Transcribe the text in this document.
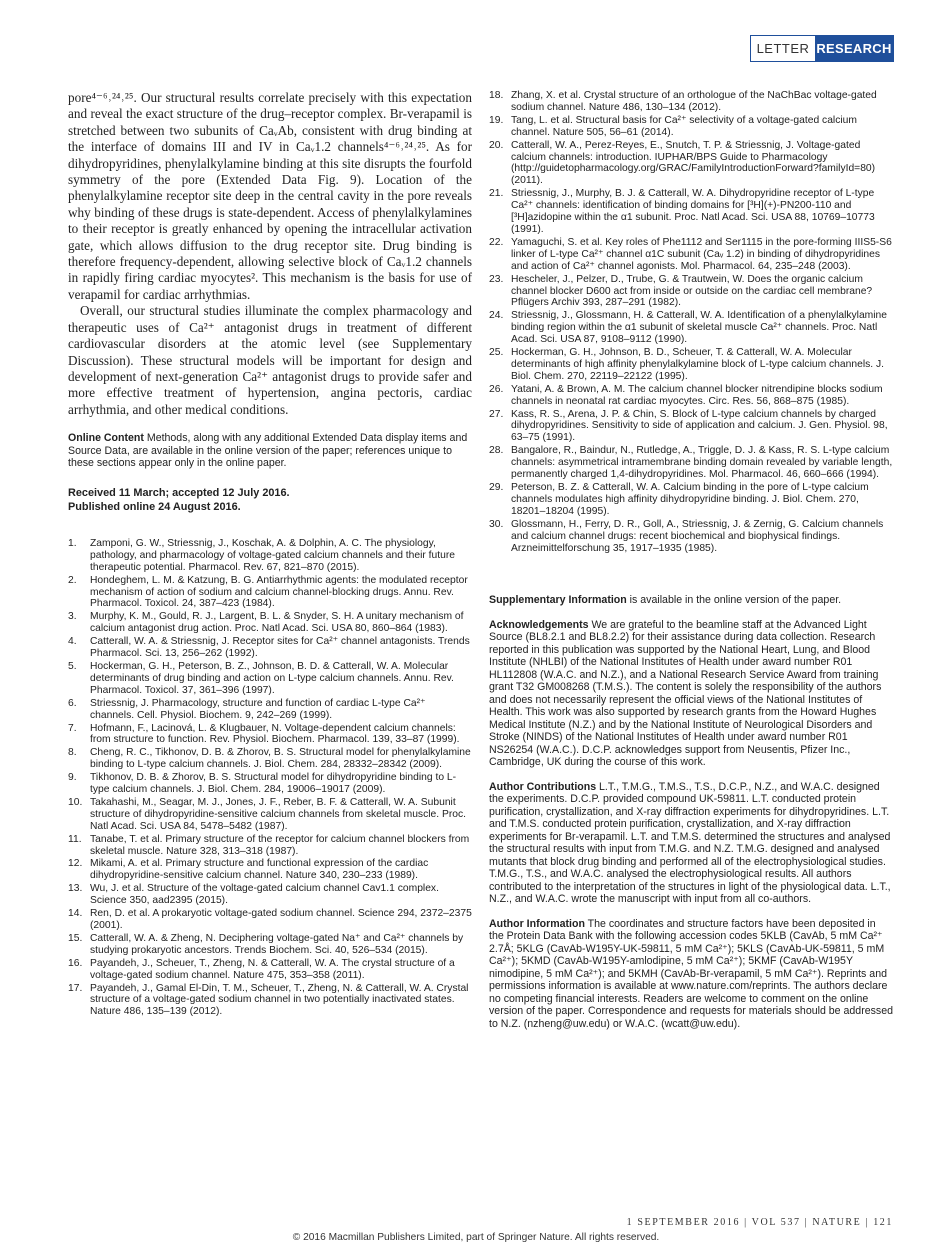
LETTER RESEARCH

pore⁴⁻⁶˒²⁴˒²⁵. Our structural results correlate precisely with this expectation and reveal the exact structure of the drug–receptor complex. Br-verapamil is stretched between two subunits of CaᵥAb, consistent with drug binding at the interface of domains III and IV in Caᵥ1.2 channels⁴⁻⁶˒²⁴˒²⁵. As for dihydropyridines, phenylalkylamine binding at this site disrupts the fourfold symmetry of the pore (Extended Data Fig. 9). Location of the phenylalkylamine receptor site deep in the central cavity in the pore reveals why binding of these drugs is state-dependent. Access of phenylalkylamines to their receptor is greatly enhanced by opening the intracellular activation gate, which allows diffusion to the drug receptor site. Drug binding is therefore frequency-dependent, allowing selective block of Caᵥ1.2 channels in rapidly firing cardiac myocytes². This mechanism is the basis for use of verapamil for cardiac arrhythmias.

Overall, our structural studies illuminate the complex pharmacology and therapeutic uses of Ca²⁺ antagonist drugs in treatment of different cardiovascular disorders at the atomic level (see Supplementary Discussion). These structural models will be important for design and development of next-generation Ca²⁺ antagonist drugs to provide safer and more effective treatment of hypertension, angina pectoris, cardiac arrhythmia, and other medical conditions.

Online Content Methods, along with any additional Extended Data display items and Source Data, are available in the online version of the paper; references unique to these sections appear only in the online paper.
Received 11 March; accepted 12 July 2016.
Published online 24 August 2016.
1.	Zamponi, G. W., Striessnig, J., Koschak, A. & Dolphin, A. C. The physiology, pathology, and pharmacology of voltage-gated calcium channels and their future therapeutic potential. Pharmacol. Rev. 67, 821–870 (2015).
2.	Hondeghem, L. M. & Katzung, B. G. Antiarrhythmic agents: the modulated receptor mechanism of action of sodium and calcium channel-blocking drugs. Annu. Rev. Pharmacol. Toxicol. 24, 387–423 (1984).
3.	Murphy, K. M., Gould, R. J., Largent, B. L. & Snyder, S. H. A unitary mechanism of calcium antagonist drug action. Proc. Natl Acad. Sci. USA 80, 860–864 (1983).
4.	Catterall, W. A. & Striessnig, J. Receptor sites for Ca²⁺ channel antagonists. Trends Pharmacol. Sci. 13, 256–262 (1992).
5.	Hockerman, G. H., Peterson, B. Z., Johnson, B. D. & Catterall, W. A. Molecular determinants of drug binding and action on L-type calcium channels. Annu. Rev. Pharmacol. Toxicol. 37, 361–396 (1997).
6.	Striessnig, J. Pharmacology, structure and function of cardiac L-type Ca²⁺ channels. Cell. Physiol. Biochem. 9, 242–269 (1999).
7.	Hofmann, F., Lacinová, L. & Klugbauer, N. Voltage-dependent calcium channels: from structure to function. Rev. Physiol. Biochem. Pharmacol. 139, 33–87 (1999).
8.	Cheng, R. C., Tikhonov, D. B. & Zhorov, B. S. Structural model for phenylalkylamine binding to L-type calcium channels. J. Biol. Chem. 284, 28332–28342 (2009).
9.	Tikhonov, D. B. & Zhorov, B. S. Structural model for dihydropyridine binding to L-type calcium channels. J. Biol. Chem. 284, 19006–19017 (2009).
10. Takahashi, M., Seagar, M. J., Jones, J. F., Reber, B. F. & Catterall, W. A. Subunit structure of dihydropyridine-sensitive calcium channels from skeletal muscle. Proc. Natl Acad. Sci. USA 84, 5478–5482 (1987).
11. Tanabe, T. et al. Primary structure of the receptor for calcium channel blockers from skeletal muscle. Nature 328, 313–318 (1987).
12. Mikami, A. et al. Primary structure and functional expression of the cardiac dihydropyridine-sensitive calcium channel. Nature 340, 230–233 (1989).
13. Wu, J. et al. Structure of the voltage-gated calcium channel Cav1.1 complex. Science 350, aad2395 (2015).
14. Ren, D. et al. A prokaryotic voltage-gated sodium channel. Science 294, 2372–2375 (2001).
15. Catterall, W. A. & Zheng, N. Deciphering voltage-gated Na⁺ and Ca²⁺ channels by studying prokaryotic ancestors. Trends Biochem. Sci. 40, 526–534 (2015).
16. Payandeh, J., Scheuer, T., Zheng, N. & Catterall, W. A. The crystal structure of a voltage-gated sodium channel. Nature 475, 353–358 (2011).
17. Payandeh, J., Gamal El-Din, T. M., Scheuer, T., Zheng, N. & Catterall, W. A. Crystal structure of a voltage-gated sodium channel in two potentially inactivated states. Nature 486, 135–139 (2012).
18. Zhang, X. et al. Crystal structure of an orthologue of the NaChBac voltage-gated sodium channel. Nature 486, 130–134 (2012).
19. Tang, L. et al. Structural basis for Ca²⁺ selectivity of a voltage-gated calcium channel. Nature 505, 56–61 (2014).
20. Catterall, W. A., Perez-Reyes, E., Snutch, T. P. & Striessnig, J. Voltage-gated calcium channels: introduction. IUPHAR/BPS Guide to Pharmacology (http://guidetopharmacology.org/GRAC/FamilyIntroductionForward?familyId=80) (2011).
21. Striessnig, J., Murphy, B. J. & Catterall, W. A. Dihydropyridine receptor of L-type Ca²⁺ channels: identification of binding domains for [³H](+)-PN200-110 and [³H]azidopine within the α1 subunit. Proc. Natl Acad. Sci. USA 88, 10769–10773 (1991).
22. Yamaguchi, S. et al. Key roles of Phe1112 and Ser1115 in the pore-forming IIIS5-S6 linker of L-type Ca²⁺ channel α1C subunit (Caᵥ 1.2) in binding of dihydropyridines and action of Ca²⁺ channel agonists. Mol. Pharmacol. 64, 235–248 (2003).
23. Hescheler, J., Pelzer, D., Trube, G. & Trautwein, W. Does the organic calcium channel blocker D600 act from inside or outside on the cardiac cell membrane? Pflügers Archiv 393, 287–291 (1982).
24. Striessnig, J., Glossmann, H. & Catterall, W. A. Identification of a phenylalkylamine binding region within the α1 subunit of skeletal muscle Ca²⁺ channels. Proc. Natl Acad. Sci. USA 87, 9108–9112 (1990).
25. Hockerman, G. H., Johnson, B. D., Scheuer, T. & Catterall, W. A. Molecular determinants of high affinity phenylalkylamine block of L-type calcium channels. J. Biol. Chem. 270, 22119–22122 (1995).
26. Yatani, A. & Brown, A. M. The calcium channel blocker nitrendipine blocks sodium channels in neonatal rat cardiac myocytes. Circ. Res. 56, 868–875 (1985).
27. Kass, R. S., Arena, J. P. & Chin, S. Block of L-type calcium channels by charged dihydropyridines. Sensitivity to side of application and calcium. J. Gen. Physiol. 98, 63–75 (1991).
28. Bangalore, R., Baindur, N., Rutledge, A., Triggle, D. J. & Kass, R. S. L-type calcium channels: asymmetrical intramembrane binding domain revealed by variable length, permanently charged 1,4-dihydropyridines. Mol. Pharmacol. 46, 660–666 (1994).
29. Peterson, B. Z. & Catterall, W. A. Calcium binding in the pore of L-type calcium channels modulates high affinity dihydropyridine binding. J. Biol. Chem. 270, 18201–18204 (1995).
30. Glossmann, H., Ferry, D. R., Goll, A., Striessnig, J. & Zernig, G. Calcium channels and calcium channel drugs: recent biochemical and biophysical findings. Arzneimittelforschung 35, 1917–1935 (1985).
Supplementary Information is available in the online version of the paper.
Acknowledgements We are grateful to the beamline staff at the Advanced Light Source (BL8.2.1 and BL8.2.2) for their assistance during data collection. Research reported in this publication was supported by the National Heart, Lung, and Blood Institute (NHLBI) of the National Institutes of Health under award number R01 HL112808 (W.A.C. and N.Z.), and a National Research Service Award from training grant T32 GM008268 (T.M.S.). The content is solely the responsibility of the authors and does not necessarily represent the official views of the National Institutes of Health. This work was also supported by research grants from the Howard Hughes Medical Institute (N.Z.) and by the National Institute of Neurological Disorders and Stroke (NINDS) of the National Institutes of Health under award number R01 NS26254 (W.A.C.). D.C.P. acknowledges support from Neusentis, Pfizer Inc., Cambridge, UK during the course of this work.
Author Contributions L.T., T.M.G., T.M.S., T.S., D.C.P., N.Z., and W.A.C. designed the experiments. D.C.P. provided compound UK-59811. L.T. conducted protein purification, crystallization, and X-ray diffraction experiments for dihydropyridines. L.T. and T.M.S. conducted protein purification, crystallization, and X-ray diffraction experiments for Br-verapamil. L.T. and T.M.S. determined the structures and analysed the structural results with input from T.M.G. and N.Z. T.M.G. designed and analysed mutants that block drug binding and performed all of the electrophysiological studies. T.M.G., T.S., and W.A.C. analysed the electrophysiological results. All authors contributed to the interpretation of the structures in light of the physiological data. L.T., N.Z., and W.A.C. wrote the manuscript with input from all co-authors.
Author Information The coordinates and structure factors have been deposited in the Protein Data Bank with the following accession codes 5KLB (CavAb, 5 mM Ca²⁺ 2.7Å; 5KLG (CavAb-W195Y-UK-59811, 5 mM Ca²⁺); 5KLS (CavAb-UK-59811, 5 mM Ca²⁺); 5KMD (CavAb-W195Y-amlodipine, 5 mM Ca²⁺); 5KMF (CavAb-W195Y nimodipine, 5 mM Ca²⁺); and 5KMH (CavAb-Br-verapamil, 5 mM Ca²⁺). Reprints and permissions information is available at www.nature.com/reprints. The authors declare no competing financial interests. Readers are welcome to comment on the online version of the paper. Correspondence and requests for materials should be addressed to N.Z. (nzheng@uw.edu) or W.A.C. (wcatt@uw.edu).
1 SEPTEMBER 2016 | VOL 537 | NATURE | 121
© 2016 Macmillan Publishers Limited, part of Springer Nature. All rights reserved.
